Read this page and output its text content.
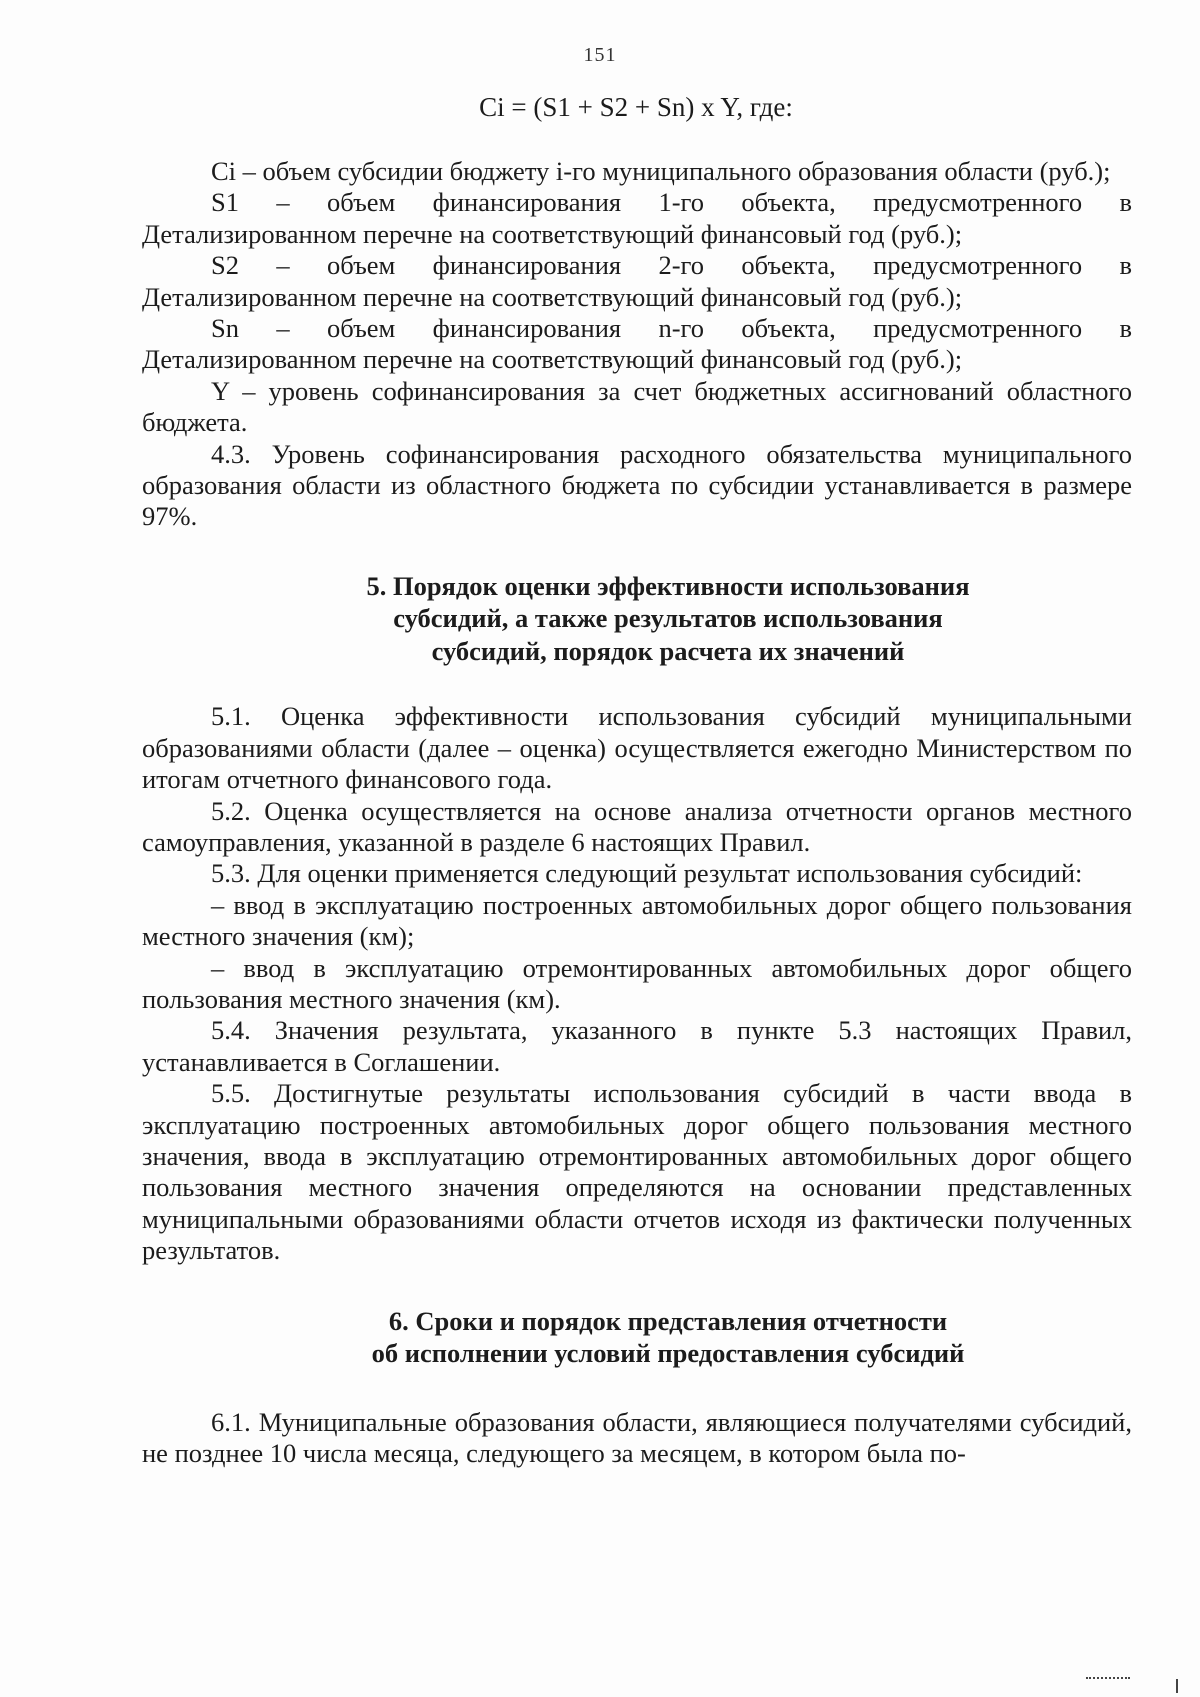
151
Ci = (S1 + S2 + Sn) x Y, где:

Ci – объем субсидии бюджету i-го муниципального образования области (руб.);

S1 – объем финансирования 1-го объекта, предусмотренного в Детализированном перечне на соответствующий финансовый год (руб.);

S2 – объем финансирования 2-го объекта, предусмотренного в Детализированном перечне на соответствующий финансовый год (руб.);

Sn – объем финансирования n-го объекта, предусмотренного в Детализированном перечне на соответствующий финансовый год (руб.);

Y – уровень софинансирования за счет бюджетных ассигнований областного бюджета.

4.3. Уровень софинансирования расходного обязательства муниципального образования области из областного бюджета по субсидии устанавливается в размере 97%.

5. Порядок оценки эффективности использования
субсидий, а также результатов использования
субсидий, порядок расчета их значений

5.1. Оценка эффективности использования субсидий муниципальными образованиями области (далее – оценка) осуществляется ежегодно Министерством по итогам отчетного финансового года.

5.2. Оценка осуществляется на основе анализа отчетности органов местного самоуправления, указанной в разделе 6 настоящих Правил.

5.3. Для оценки применяется следующий результат использования субсидий:

– ввод в эксплуатацию построенных автомобильных дорог общего пользования местного значения (км);

– ввод в эксплуатацию отремонтированных автомобильных дорог общего пользования местного значения (км).

5.4. Значения результата, указанного в пункте 5.3 настоящих Правил, устанавливается в Соглашении.

5.5. Достигнутые результаты использования субсидий в части ввода в эксплуатацию построенных автомобильных дорог общего пользования местного значения, ввода в эксплуатацию отремонтированных автомобильных дорог общего пользования местного значения определяются на основании представленных муниципальными образованиями области отчетов исходя из фактически полученных результатов.

6. Сроки и порядок представления отчетности
об исполнении условий предоставления субсидий

6.1. Муниципальные образования области, являющиеся получателями субсидий, не позднее 10 числа месяца, следующего за месяцем, в котором была по-
